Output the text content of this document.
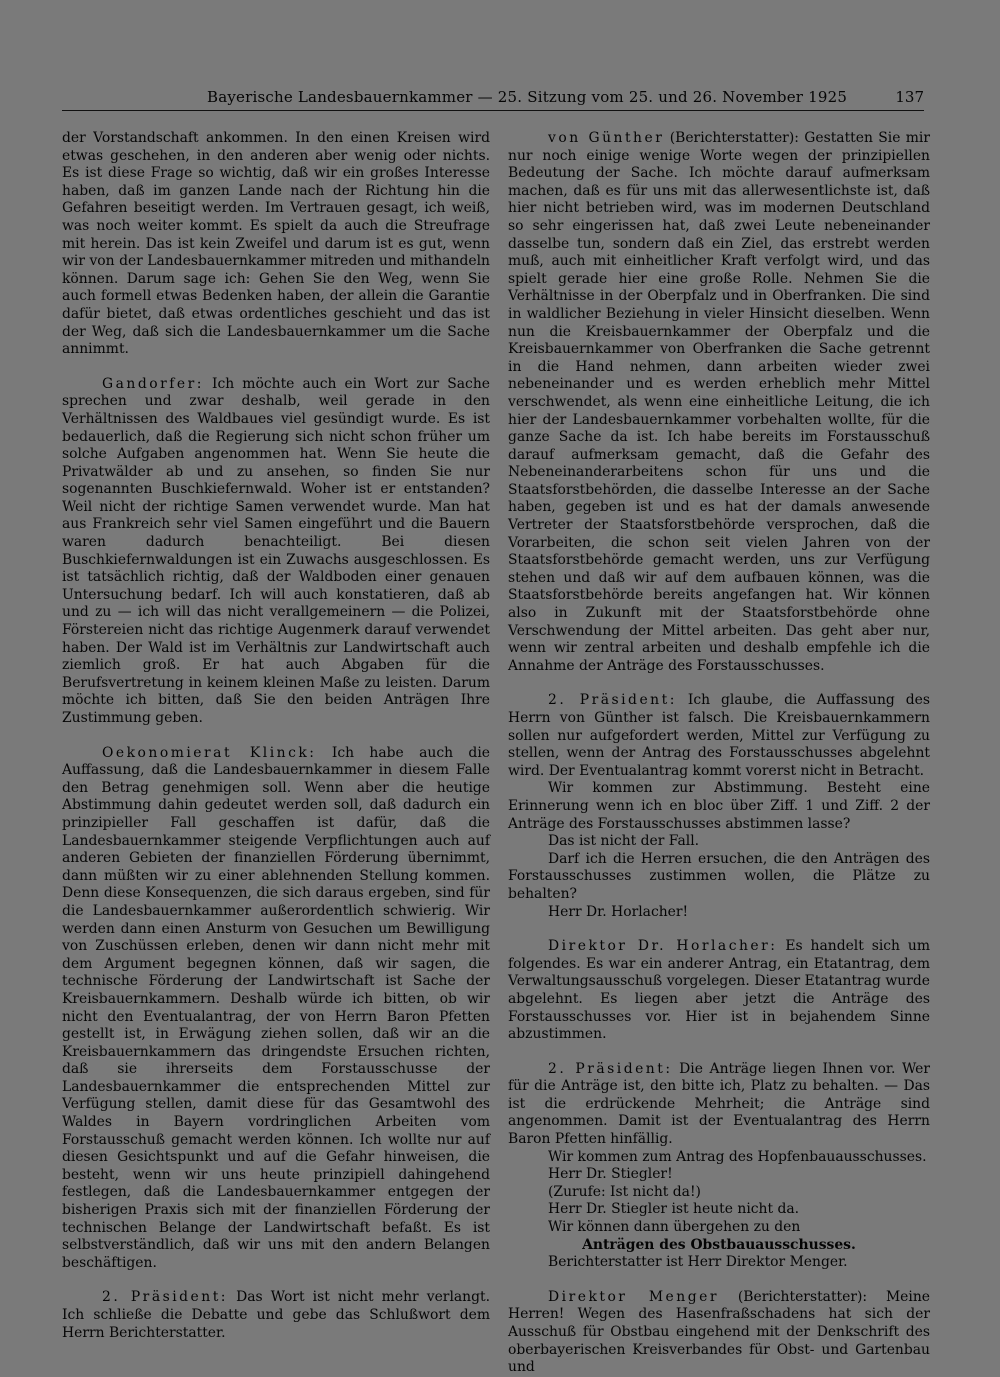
Bayerische Landesbauernkammer — 25. Sitzung vom 25. und 26. November 1925	137

der Vorstandschaft ankommen. In den einen Kreisen wird etwas geschehen, in den anderen aber wenig oder nichts. Es ist diese Frage so wichtig, daß wir ein großes Interesse haben, daß im ganzen Lande nach der Richtung hin die Gefahren beseitigt werden. Im Vertrauen gesagt, ich weiß, was noch weiter kommt. Es spielt da auch die Streufrage mit herein. Das ist kein Zweifel und darum ist es gut, wenn wir von der Landesbauernkammer mitreden und mithandeln können. Darum sage ich: Gehen Sie den Weg, wenn Sie auch formell etwas Bedenken haben, der allein die Garantie dafür bietet, daß etwas ordentliches geschieht und das ist der Weg, daß sich die Landesbauernkammer um die Sache annimmt.

Gandorfer: Ich möchte auch ein Wort zur Sache sprechen und zwar deshalb, weil gerade in den Verhältnissen des Waldbaues viel gesündigt wurde. Es ist bedauerlich, daß die Regierung sich nicht schon früher um solche Aufgaben angenommen hat. Wenn Sie heute die Privatwälder ab und zu ansehen, so finden Sie nur sogenannten Buschkiefernwald. Woher ist er entstanden? Weil nicht der richtige Samen verwendet wurde. Man hat aus Frankreich sehr viel Samen eingeführt und die Bauern waren dadurch benachteiligt. Bei diesen Buschkiefernwaldungen ist ein Zuwachs ausgeschlossen. Es ist tatsächlich richtig, daß der Waldboden einer genauen Untersuchung bedarf. Ich will auch konstatieren, daß ab und zu — ich will das nicht verallgemeinern — die Polizei, Förstereien nicht das richtige Augenmerk darauf verwendet haben. Der Wald ist im Verhältnis zur Landwirtschaft auch ziemlich groß. Er hat auch Abgaben für die Berufsvertretung in keinem kleinen Maße zu leisten. Darum möchte ich bitten, daß Sie den beiden Anträgen Ihre Zustimmung geben.

Oekonomierat Klinck: Ich habe auch die Auffassung, daß die Landesbauernkammer in diesem Falle den Betrag genehmigen soll. Wenn aber die heutige Abstimmung dahin gedeutet werden soll, daß dadurch ein prinzipieller Fall geschaffen ist dafür, daß die Landesbauernkammer steigende Verpflichtungen auch auf anderen Gebieten der finanziellen Förderung übernimmt, dann müßten wir zu einer ablehnenden Stellung kommen. Denn diese Konsequenzen, die sich daraus ergeben, sind für die Landesbauernkammer außerordentlich schwierig. Wir werden dann einen Ansturm von Gesuchen um Bewilligung von Zuschüssen erleben, denen wir dann nicht mehr mit dem Argument begegnen können, daß wir sagen, die technische Förderung der Landwirtschaft ist Sache der Kreisbauernkammern. Deshalb würde ich bitten, ob wir nicht den Eventualantrag, der von Herrn Baron Pfetten gestellt ist, in Erwägung ziehen sollen, daß wir an die Kreisbauernkammern das dringendste Ersuchen richten, daß sie ihrerseits dem Forstausschusse der Landesbauernkammer die entsprechenden Mittel zur Verfügung stellen, damit diese für das Gesamtwohl des Waldes in Bayern vordringlichen Arbeiten vom Forstausschuß gemacht werden können. Ich wollte nur auf diesen Gesichtspunkt und auf die Gefahr hinweisen, die besteht, wenn wir uns heute prinzipiell dahingehend festlegen, daß die Landesbauernkammer entgegen der bisherigen Praxis sich mit der finanziellen Förderung der technischen Belange der Landwirtschaft befaßt. Es ist selbstverständlich, daß wir uns mit den andern Belangen beschäftigen.

2. Präsident: Das Wort ist nicht mehr verlangt. Ich schließe die Debatte und gebe das Schlußwort dem Herrn Berichterstatter.

von Günther (Berichterstatter): Gestatten Sie mir nur noch einige wenige Worte wegen der prinzipiellen Bedeutung der Sache. Ich möchte darauf aufmerksam machen, daß es für uns mit das allerwesentlichste ist, daß hier nicht betrieben wird, was im modernen Deutschland so sehr eingerissen hat, daß zwei Leute nebeneinander dasselbe tun, sondern daß ein Ziel, das erstrebt werden muß, auch mit einheitlicher Kraft verfolgt wird, und das spielt gerade hier eine große Rolle. Nehmen Sie die Verhältnisse in der Oberpfalz und in Oberfranken. Die sind in waldlicher Beziehung in vieler Hinsicht dieselben. Wenn nun die Kreisbauernkammer der Oberpfalz und die Kreisbauernkammer von Oberfranken die Sache getrennt in die Hand nehmen, dann arbeiten wieder zwei nebeneinander und es werden erheblich mehr Mittel verschwendet, als wenn eine einheitliche Leitung, die ich hier der Landesbauernkammer vorbehalten wollte, für die ganze Sache da ist. Ich habe bereits im Forstausschuß darauf aufmerksam gemacht, daß die Gefahr des Nebeneinanderarbeitens schon für uns und die Staatsforstbehörden, die dasselbe Interesse an der Sache haben, gegeben ist und es hat der damals anwesende Vertreter der Staatsforstbehörde versprochen, daß die Vorarbeiten, die schon seit vielen Jahren von der Staatsforstbehörde gemacht werden, uns zur Verfügung stehen und daß wir auf dem aufbauen können, was die Staatsforstbehörde bereits angefangen hat. Wir können also in Zukunft mit der Staatsforstbehörde ohne Verschwendung der Mittel arbeiten. Das geht aber nur, wenn wir zentral arbeiten und deshalb empfehle ich die Annahme der Anträge des Forstausschusses.

2. Präsident: Ich glaube, die Auffassung des Herrn von Günther ist falsch. Die Kreisbauernkammern sollen nur aufgefordert werden, Mittel zur Verfügung zu stellen, wenn der Antrag des Forstausschusses abgelehnt wird. Der Eventualantrag kommt vorerst nicht in Betracht.

Wir kommen zur Abstimmung. Besteht eine Erinnerung wenn ich en bloc über Ziff. 1 und Ziff. 2 der Anträge des Forstausschusses abstimmen lasse?

Das ist nicht der Fall.

Darf ich die Herren ersuchen, die den Anträgen des Forstausschusses zustimmen wollen, die Plätze zu behalten?

Herr Dr. Horlacher!

Direktor Dr. Horlacher: Es handelt sich um folgendes. Es war ein anderer Antrag, ein Etatantrag, dem Verwaltungsausschuß vorgelegen. Dieser Etatantrag wurde abgelehnt. Es liegen aber jetzt die Anträge des Forstausschusses vor. Hier ist in bejahendem Sinne abzustimmen.

2. Präsident: Die Anträge liegen Ihnen vor. Wer für die Anträge ist, den bitte ich, Platz zu behalten. — Das ist die erdrückende Mehrheit; die Anträge sind angenommen. Damit ist der Eventualantrag des Herrn Baron Pfetten hinfällig.

Wir kommen zum Antrag des Hopfenbauausschusses.

Herr Dr. Stiegler!

(Zurufe: Ist nicht da!)

Herr Dr. Stiegler ist heute nicht da.

Wir können dann übergehen zu den

Anträgen des Obstbauausschusses.

Berichterstatter ist Herr Direktor Menger.

Direktor Menger (Berichterstatter): Meine Herren! Wegen des Hasenfraßschadens hat sich der Ausschuß für Obstbau eingehend mit der Denkschrift des oberbayerischen Kreisverbandes für Obst- und Gartenbau und
